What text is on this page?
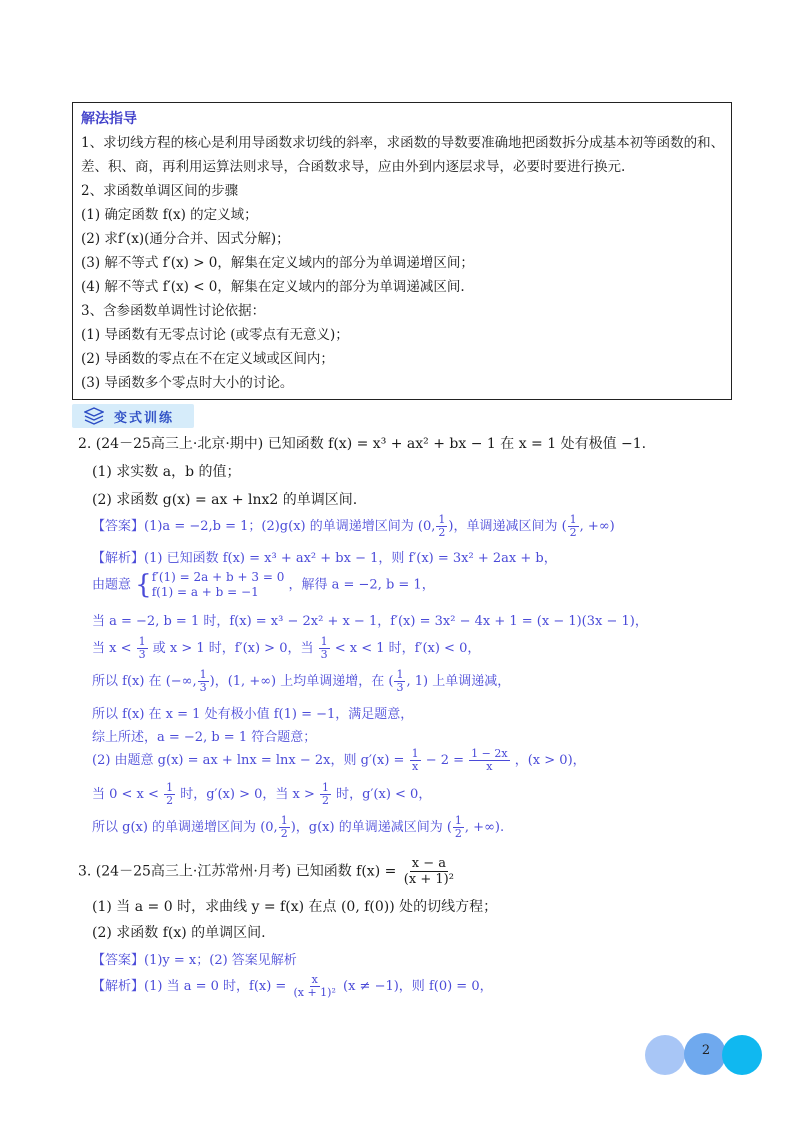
解法指导
1、求切线方程的核心是利用导函数求切线的斜率，求函数的导数要准确地把函数拆分成基本初等函数的和、
差、积、商，再利用运算法则求导，合函数求导，应由外到内逐层求导，必要时要进行换元.
2、求函数单调区间的步骤
(1) 确定函数 f(x) 的定义域；
(2) 求f′(x)(通分合并、因式分解)；
(3) 解不等式 f′(x) > 0，解集在定义域内的部分为单调递增区间；
(4) 解不等式 f′(x) < 0，解集在定义域内的部分为单调递减区间.
3、含参函数单调性讨论依据：
(1) 导函数有无零点讨论 (或零点有无意义)；
(2) 导函数的零点在不在定义域或区间内；
(3) 导函数多个零点时大小的讨论。
变式训练
2. (24－25高三上·北京·期中) 已知函数 f(x) = x³ + ax² + bx − 1 在 x = 1 处有极值 −1.
(1) 求实数 a，b 的值；
(2) 求函数 g(x) = ax + lnx2 的单调区间.
【答案】(1)a = −2,b = 1；(2)g(x) 的单调递增区间为 (0, $\frac{1}{2}$ )，单调递减区间为 ( $\frac{1}{2}$ , +∞)
【解析】(1) 已知函数 f(x) = x³ + ax² + bx − 1，则 f′(x) = 3x² + 2ax + b，
由题意 { f′(1) = 2a + b + 3 = 0
f(1) = a + b = −1	，解得 a = −2, b = 1，
当 a = −2, b = 1 时，f(x) = x³ − 2x² + x − 1，f′(x) = 3x² − 4x + 1 = (x − 1)(3x − 1)，
当 $x < \frac{1}{3}$ 或 x > 1 时，f′(x) > 0，当 $\frac{1}{3} < x < 1$ 时，f′(x) < 0，
所以 f(x) 在 (−∞, $\frac{1}{3}$ )，(1, +∞) 上均单调递增，在 ( $\frac{1}{3}$ , 1) 上单调递减，
所以 f(x) 在 x = 1 处有极小值 f(1) = −1，满足题意，
综上所述，a = −2, b = 1 符合题意；
(2) 由题意 g(x) = ax + lnx = lnx − 2x，则 $g'(x) = \frac{1}{x} - 2 = \frac{1 - 2x}{x}$ ，(x > 0)，
当 $0 < x < \frac{1}{2}$ 时，g′(x) > 0，当 $x > \frac{1}{2}$ 时，g′(x) < 0，
所以 g(x) 的单调递增区间为 (0, $\frac{1}{2}$ )，g(x) 的单调递减区间为 ( $\frac{1}{2}$ , +∞).
3. (24－25高三上·江苏常州·月考) 已知函数 $f(x) = \frac{x - a}{\text{(x + 1)²}}$
(1) 当 a = 0 时，求曲线 y = f(x) 在点 (0, f(0)) 处的切线方程；
(2) 求函数 f(x) 的单调区间.
【答案】(1)y = x；(2) 答案见解析
【解析】(1) 当 a = 0 时，$f(x) = \frac{x}{\text{(x + 1)²}} (x \ne -1)$，则 f(0) = 0，
2
